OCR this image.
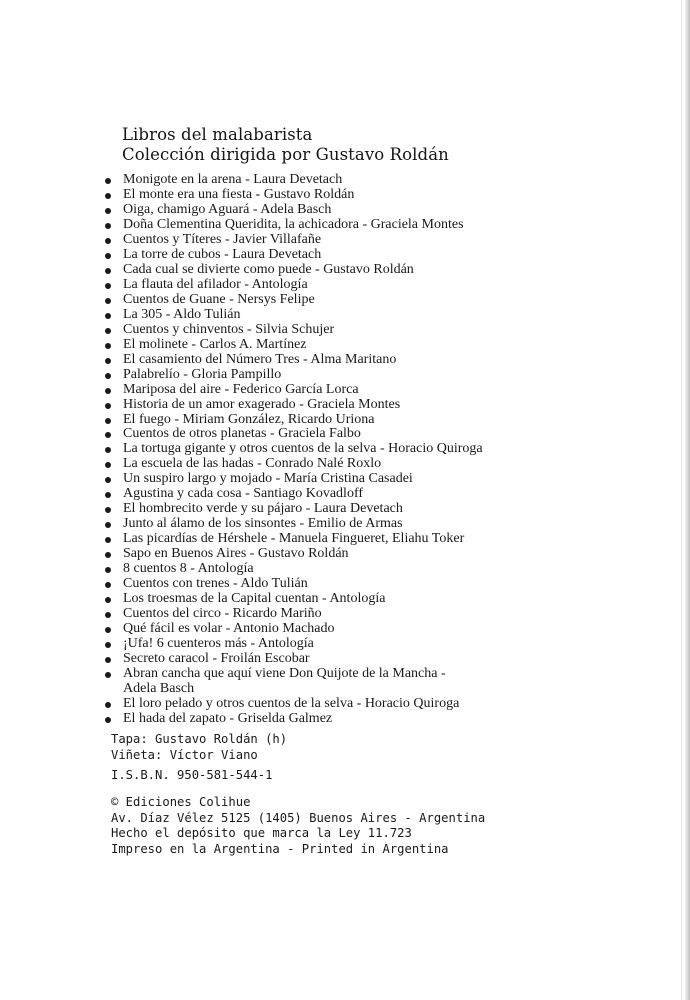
Libros del malabarista
Colección dirigida por Gustavo Roldán
Monigote en la arena - Laura Devetach
El monte era una fiesta - Gustavo Roldán
Oiga, chamigo Aguará - Adela Basch
Doña Clementina Queridita, la achicadora - Graciela Montes
Cuentos y Títeres - Javier Villafañe
La torre de cubos - Laura Devetach
Cada cual se divierte como puede - Gustavo Roldán
La flauta del afilador - Antología
Cuentos de Guane - Nersys Felipe
La 305 - Aldo Tulián
Cuentos y chinventos - Silvia Schujer
El molinete - Carlos A. Martínez
El casamiento del Número Tres - Alma Maritano
Palabrelío - Gloria Pampillo
Mariposa del aire - Federico García Lorca
Historia de un amor exagerado - Graciela Montes
El fuego - Miriam González, Ricardo Uriona
Cuentos de otros planetas - Graciela Falbo
La tortuga gigante y otros cuentos de la selva - Horacio Quiroga
La escuela de las hadas - Conrado Nalé Roxlo
Un suspiro largo y mojado - María Cristina Casadei
Agustina y cada cosa - Santiago Kovadloff
El hombrecito verde y su pájaro - Laura Devetach
Junto al álamo de los sinsontes - Emilio de Armas
Las picardías de Hérshele - Manuela Fingueret, Eliahu Toker
Sapo en Buenos Aires - Gustavo Roldán
8 cuentos 8 - Antología
Cuentos con trenes - Aldo Tulián
Los troesmas de la Capital cuentan - Antología
Cuentos del circo - Ricardo Mariño
Qué fácil es volar - Antonio Machado
¡Ufa! 6 cuenteros más - Antología
Secreto caracol - Froilán Escobar
Abran cancha que aquí viene Don Quijote de la Mancha -
Adela Basch
El loro pelado y otros cuentos de la selva - Horacio Quiroga
El hada del zapato - Griselda Galmez
Tapa: Gustavo Roldán (h)
Viñeta: Víctor Viano
I.S.B.N. 950-581-544-1
© Ediciones Colihue
Av. Díaz Vélez 5125 (1405) Buenos Aires - Argentina
Hecho el depósito que marca la Ley 11.723
Impreso en la Argentina - Printed in Argentina
